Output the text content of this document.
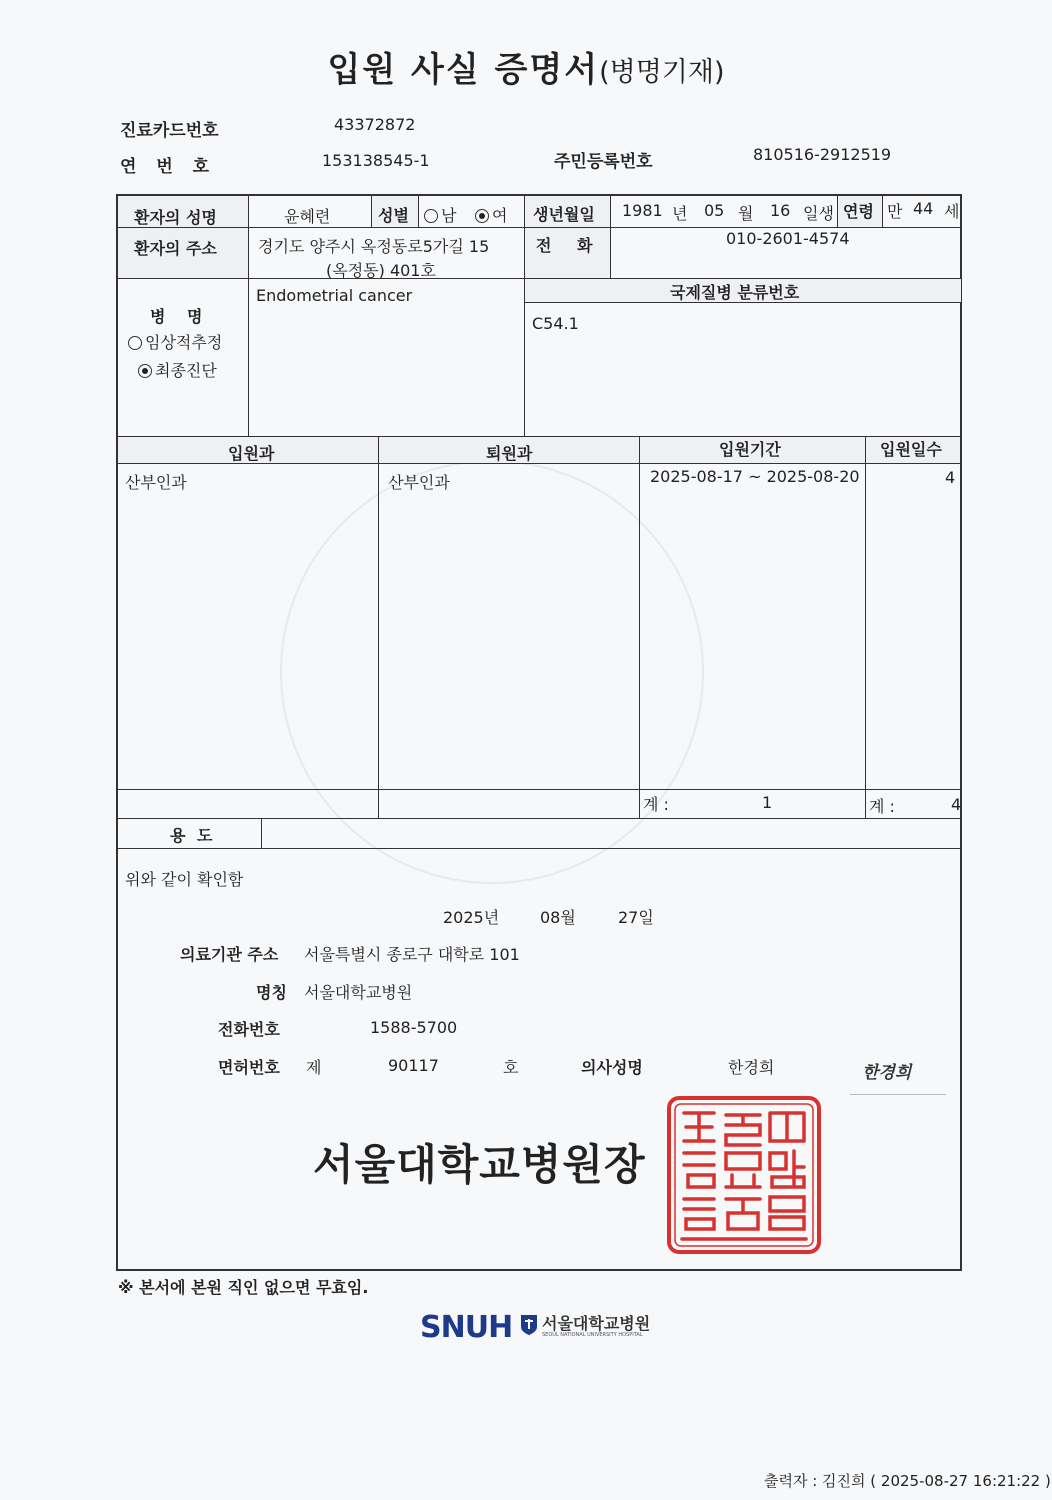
입원 사실 증명서(병명기재)
진료카드번호	43372872
연 번 호	153138545-1	주민등록번호	810516-2912519
환자의 성명	윤혜련	성별	남	여 생년월일 1981 년 05 월 16 일생 연령 만 44 세
환자의 주소	경기도 양주시 옥정동로5가길 15
(옥정동) 401호
전 화	010-2601-4574
병 명
임상적추정
최종진단
Endometrial cancer	국제질병 분류번호
C54.1
입원과	퇴원과	입원기간	입원일수
산부인과	산부인과	2025-08-17 ~ 2025-08-20	4
계 :	1	계 :	4
용 도
위와 같이 확인함
2025년	08월	27일
의료기관 주소 서울특별시 종로구 대학로 101
명칭 서울대학교병원
전화번호	1588-5700
면허번호 제	90117	호	의사성명	한경희	한경희
서울대학교병원장
※ 본서에 본원 직인 없으면 무효임.
SNUH 서울대학교병원
SEOUL NATIONAL UNIVERSITY HOSPITAL
출력자 : 김진희 ( 2025-08-27 16:21:22 )
